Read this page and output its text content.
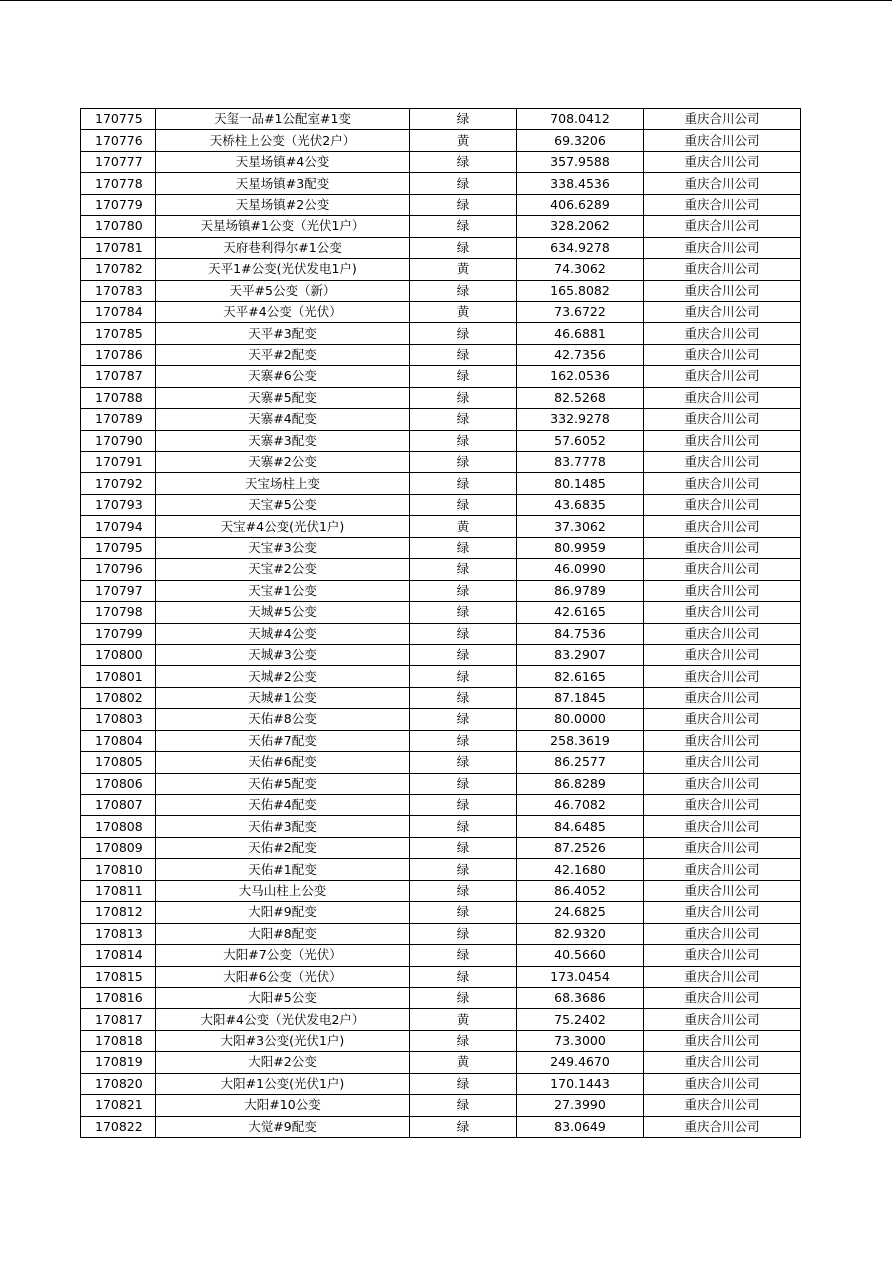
170775	天玺一品#1公配室#1变	绿	708.0412	重庆合川公司
170776	天桥柱上公变（光伏2户）	黄	69.3206	重庆合川公司
170777	天星场镇#4公变	绿	357.9588	重庆合川公司
170778	天星场镇#3配变	绿	338.4536	重庆合川公司
170779	天星场镇#2公变	绿	406.6289	重庆合川公司
170780	天星场镇#1公变（光伏1户）	绿	328.2062	重庆合川公司
170781	天府巷利得尔#1公变	绿	634.9278	重庆合川公司
170782	天平1#公变(光伏发电1户)	黄	74.3062	重庆合川公司
170783	天平#5公变（新）	绿	165.8082	重庆合川公司
170784	天平#4公变（光伏）	黄	73.6722	重庆合川公司
170785	天平#3配变	绿	46.6881	重庆合川公司
170786	天平#2配变	绿	42.7356	重庆合川公司
170787	天寨#6公变	绿	162.0536	重庆合川公司
170788	天寨#5配变	绿	82.5268	重庆合川公司
170789	天寨#4配变	绿	332.9278	重庆合川公司
170790	天寨#3配变	绿	57.6052	重庆合川公司
170791	天寨#2公变	绿	83.7778	重庆合川公司
170792	天宝场柱上变	绿	80.1485	重庆合川公司
170793	天宝#5公变	绿	43.6835	重庆合川公司
170794	天宝#4公变(光伏1户)	黄	37.3062	重庆合川公司
170795	天宝#3公变	绿	80.9959	重庆合川公司
170796	天宝#2公变	绿	46.0990	重庆合川公司
170797	天宝#1公变	绿	86.9789	重庆合川公司
170798	天城#5公变	绿	42.6165	重庆合川公司
170799	天城#4公变	绿	84.7536	重庆合川公司
170800	天城#3公变	绿	83.2907	重庆合川公司
170801	天城#2公变	绿	82.6165	重庆合川公司
170802	天城#1公变	绿	87.1845	重庆合川公司
170803	天佑#8公变	绿	80.0000	重庆合川公司
170804	天佑#7配变	绿	258.3619	重庆合川公司
170805	天佑#6配变	绿	86.2577	重庆合川公司
170806	天佑#5配变	绿	86.8289	重庆合川公司
170807	天佑#4配变	绿	46.7082	重庆合川公司
170808	天佑#3配变	绿	84.6485	重庆合川公司
170809	天佑#2配变	绿	87.2526	重庆合川公司
170810	天佑#1配变	绿	42.1680	重庆合川公司
170811	大马山柱上公变	绿	86.4052	重庆合川公司
170812	大阳#9配变	绿	24.6825	重庆合川公司
170813	大阳#8配变	绿	82.9320	重庆合川公司
170814	大阳#7公变（光伏）	绿	40.5660	重庆合川公司
170815	大阳#6公变（光伏）	绿	173.0454	重庆合川公司
170816	大阳#5公变	绿	68.3686	重庆合川公司
170817	大阳#4公变（光伏发电2户）	黄	75.2402	重庆合川公司
170818	大阳#3公变(光伏1户)	绿	73.3000	重庆合川公司
170819	大阳#2公变	黄	249.4670	重庆合川公司
170820	大阳#1公变(光伏1户)	绿	170.1443	重庆合川公司
170821	大阳#10公变	绿	27.3990	重庆合川公司
170822	大觉#9配变	绿	83.0649	重庆合川公司
